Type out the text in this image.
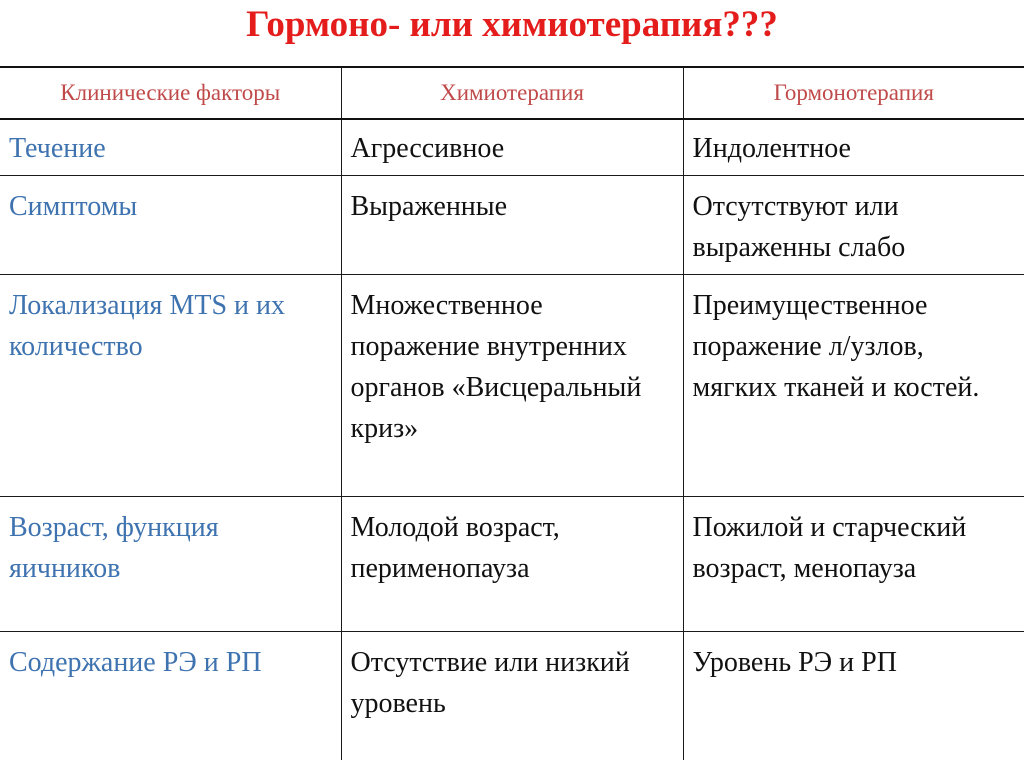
Гормоно- или химиотерапия???
Клинические факторы	Химиотерапия	Гормонотерапия
Течение	Агрессивное	Индолентное
Симптомы	Выраженные	Отсутствуют или выраженны слабо
Локализация MTS и их количество	Множественное поражение внутренних органов «Висцеральный криз»	Преимущественное поражение л/узлов, мягких тканей и костей.
Возраст, функция яичников	Молодой возраст, перименопауза	Пожилой и старческий возраст, менопауза
Содержание РЭ и РП	Отсутствие или низкий уровень	Уровень РЭ и РП
